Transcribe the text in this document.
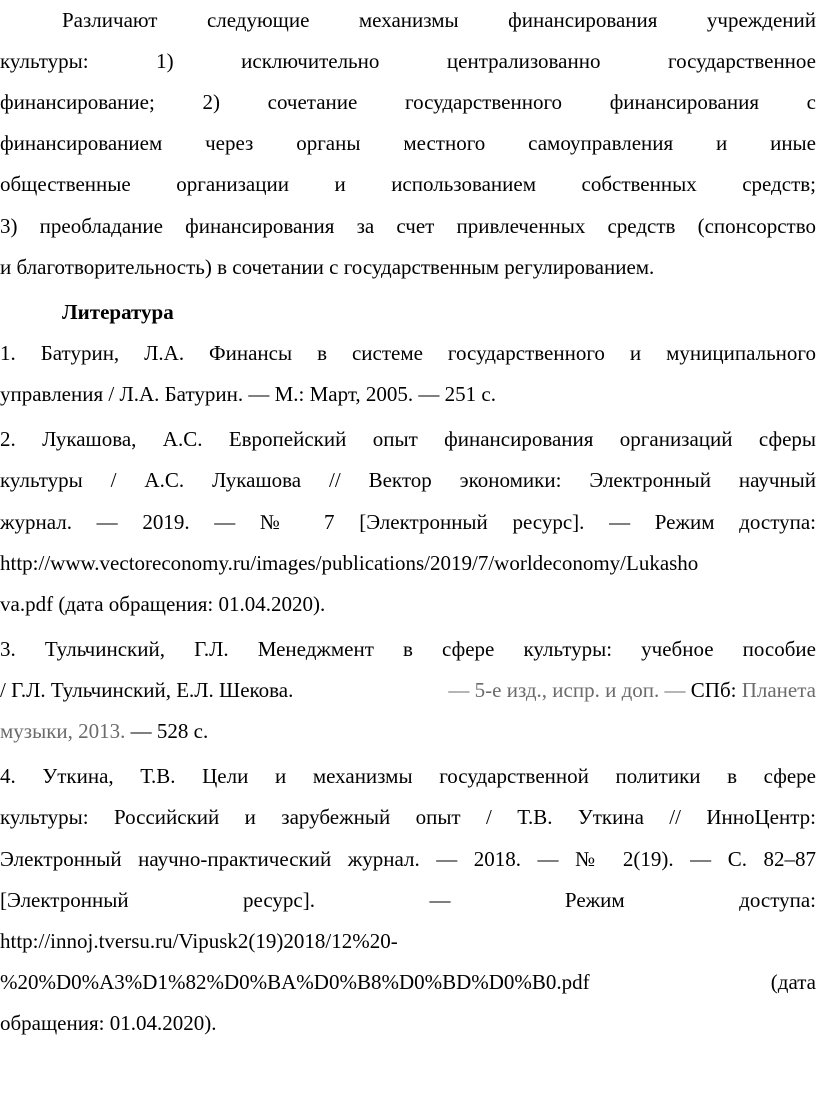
Различают следующие механизмы финансирования учреждений
культуры: 1) исключительно централизованно государственное
финансирование; 2) сочетание государственного финансирования с
финансированием через органы местного самоуправления и иные
общественные организации и использованием собственных средств;
3) преобладание финансирования за счет привлеченных средств (спонсорство
и благотворительность) в сочетании с государственным регулированием.
Литература
1. Батурин, Л.А. Финансы в системе государственного и муниципального
управления / Л.А. Батурин. — М.: Март, 2005. — 251 с.
2. Лукашова, А.С. Европейский опыт финансирования организаций сферы
культуры / А.С. Лукашова // Вектор экономики: Электронный научный
журнал. — 2019. — № 7 [Электронный ресурс]. — Режим доступа:
http://www.vectoreconomy.ru/images/publications/2019/7/worldeconomy/Lukasho
va.pdf (дата обращения: 01.04.2020).
3. Тульчинский, Г.Л. Менеджмент в сфере культуры: учебное пособие
/ Г.Л. Тульчинский, Е.Л. Шекова.	— 5-е изд., испр. и доп. — СПб: Планета
музыки, 2013. — 528 с.
4. Уткина, Т.В. Цели и механизмы государственной политики в сфере
культуры: Российский и зарубежный опыт / Т.В. Уткина // ИнноЦентр:
Электронный научно-практический журнал. — 2018. — № 2(19). — С. 82–87
[Электронный ресурс]. — Режим доступа:
http://innoj.tversu.ru/Vipusk2(19)2018/12%20-
%20%D0%A3%D1%82%D0%BA%D0%B8%D0%BD%D0%B0.pdf	(дата
обращения: 01.04.2020).
